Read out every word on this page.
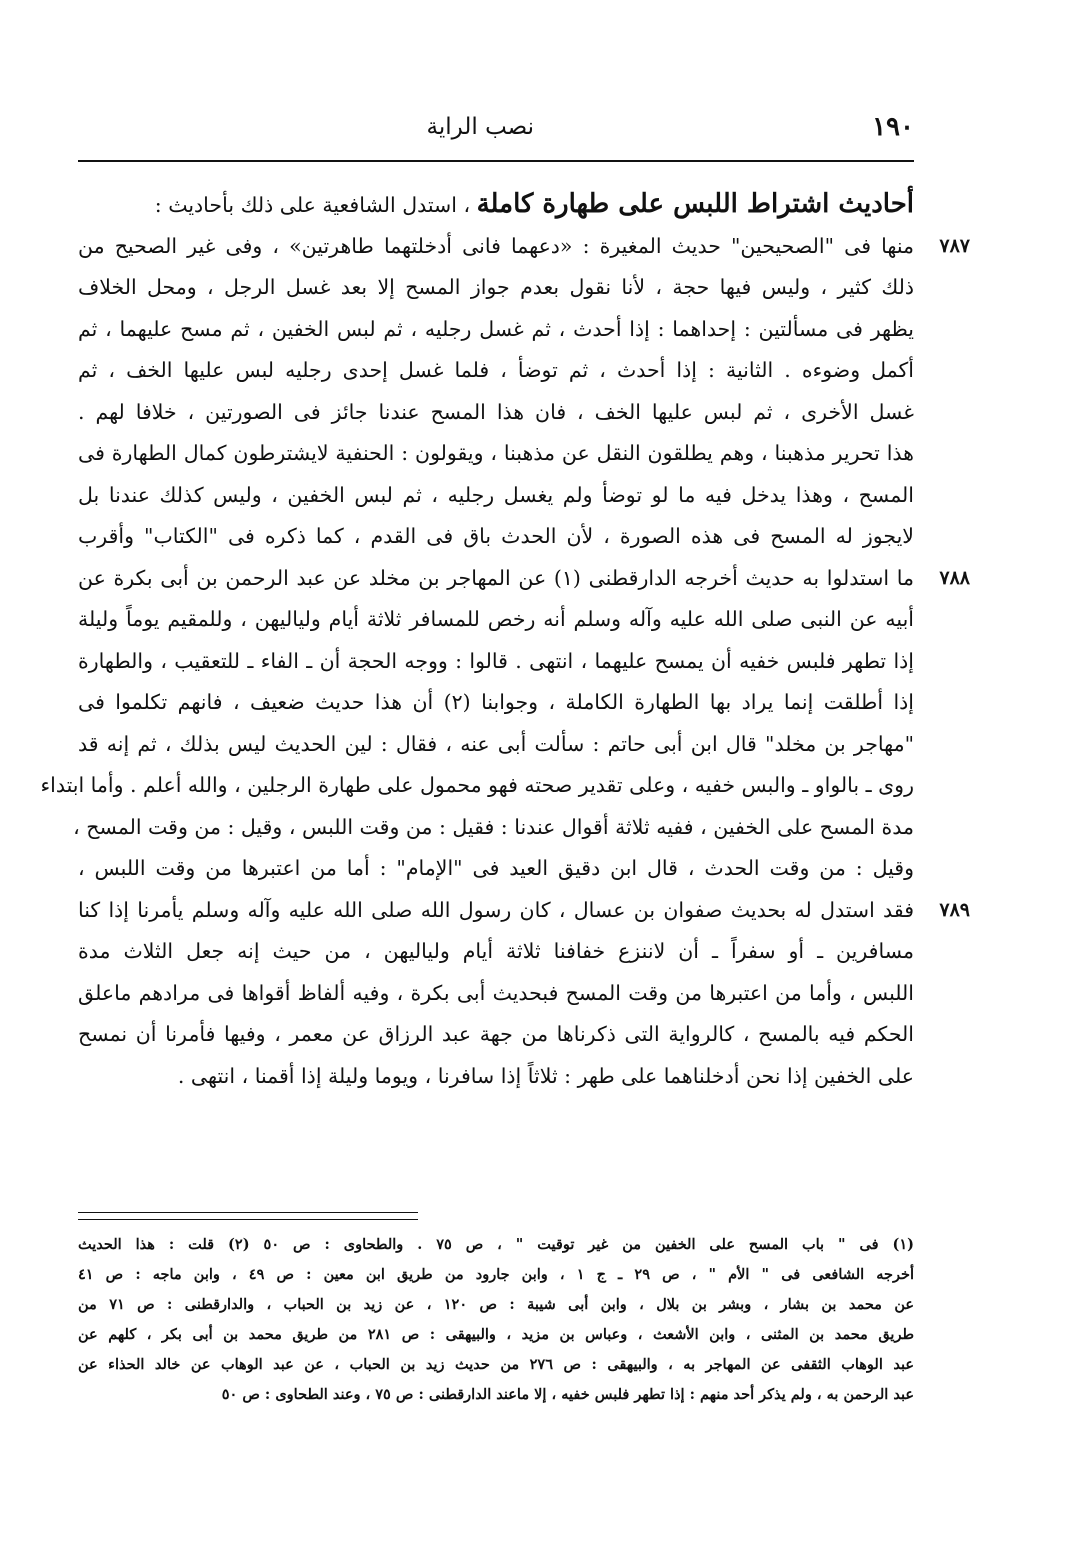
١٩٠
نصب الراية
أحاديث اشتراط اللبس على طهارة كاملة ، استدل الشافعية على ذلك بأحاديث :
٧٨٧
منها فى "الصحيحين" حديث المغيرة : «دعهما فانى أدخلتهما طاهرتين» ، وفى غير الصحيح من
ذلك كثير ، وليس فيها حجة ، لأنا نقول بعدم جواز المسح إلا بعد غسل الرجل ، ومحل الخلاف
يظهر فى مسألتين : إحداهما : إذا أحدث ، ثم غسل رجليه ، ثم لبس الخفين ، ثم مسح عليهما ، ثم
أكمل وضوءه . الثانية : إذا أحدث ، ثم توضأ ، فلما غسل إحدى رجليه لبس عليها الخف ، ثم
غسل الأخرى ، ثم لبس عليها الخف ، فان هذا المسح عندنا جائز فى الصورتين ، خلافا لهم .
هذا تحرير مذهبنا ، وهم يطلقون النقل عن مذهبنا ، ويقولون : الحنفية لايشترطون كمال الطهارة فى
المسح ، وهذا يدخل فيه ما لو توضأ ولم يغسل رجليه ، ثم لبس الخفين ، وليس كذلك عندنا بل
لايجوز له المسح فى هذه الصورة ، لأن الحدث باق فى القدم ، كما ذكره فى "الكتاب" وأقرب
٧٨٨
ما استدلوا به حديث أخرجه الدارقطنى (١) عن المهاجر بن مخلد عن عبد الرحمن بن أبى بكرة عن
أبيه عن النبى صلى الله عليه وآله وسلم أنه رخص للمسافر ثلاثة أيام ولياليهن ، وللمقيم يوماً وليلة
إذا تطهر فلبس خفيه أن يمسح عليهما ، انتهى . قالوا : ووجه الحجة أن ـ الفاء ـ للتعقيب ، والطهارة
إذا أطلقت إنما يراد بها الطهارة الكاملة ، وجوابنا (٢) أن هذا حديث ضعيف ، فانهم تكلموا فى
"مهاجر بن مخلد" قال ابن أبى حاتم : سألت أبى عنه ، فقال : لين الحديث ليس بذلك ، ثم إنه قد
روى ـ بالواو ـ والبس خفيه ، وعلى تقدير صحته فهو محمول على طهارة الرجلين ، والله أعلم . وأما ابتداء
مدة المسح على الخفين ، ففيه ثلاثة أقوال عندنا : فقيل : من وقت اللبس ، وقيل : من وقت المسح ،
وقيل : من وقت الحدث ، قال ابن دقيق العيد فى "الإمام" : أما من اعتبرها من وقت اللبس ،
٧٨٩
فقد استدل له بحديث صفوان بن عسال ، كان رسول الله صلى الله عليه وآله وسلم يأمرنا إذا كنا
مسافرين ـ أو سفراً ـ أن لاننزع خفافنا ثلاثة أيام ولياليهن ، من حيث إنه جعل الثلاث مدة
اللبس ، وأما من اعتبرها من وقت المسح فبحديث أبى بكرة ، وفيه ألفاظ أقواها فى مرادهم ماعلق
الحكم فيه بالمسح ، كالرواية التى ذكرناها من جهة عبد الرزاق عن معمر ، وفيها فأمرنا أن نمسح
على الخفين إذا نحن أدخلناهما على طهر : ثلاثاً إذا سافرنا ، ويوما وليلة إذا أقمنا ، انتهى .
(١) فى " باب المسح على الخفين من غير توقيت " ، ص ٧٥ . والطحاوى : ص ٥٠ (٢) قلت : هذا الحديث
أخرجه الشافعى فى " الأم " ، ص ٢٩ ـ ج ١ ، وابن جارود من طريق ابن معين : ص ٤٩ ، وابن ماجه : ص ٤١
عن محمد بن بشار ، وبشر بن بلال ، وابن أبى شيبة : ص ١٢٠ ، عن زيد بن الحباب ، والدارقطنى : ص ٧١ من
طريق محمد بن المثنى ، وابن الأشعث ، وعباس بن مزيد ، والبيهقى : ص ٢٨١ من طريق محمد بن أبى بكر ، كلهم عن
عبد الوهاب الثقفى عن المهاجر به ، والبيهقى : ص ٢٧٦ من حديث زيد بن الحباب ، عن عبد الوهاب عن خالد الحذاء عن
عبد الرحمن به ، ولم يذكر أحد منهم : إذا تطهر فلبس خفيه ، إلا ماعند الدارقطنى : ص ٧٥ ، وعند الطحاوى : ص ٥٠
